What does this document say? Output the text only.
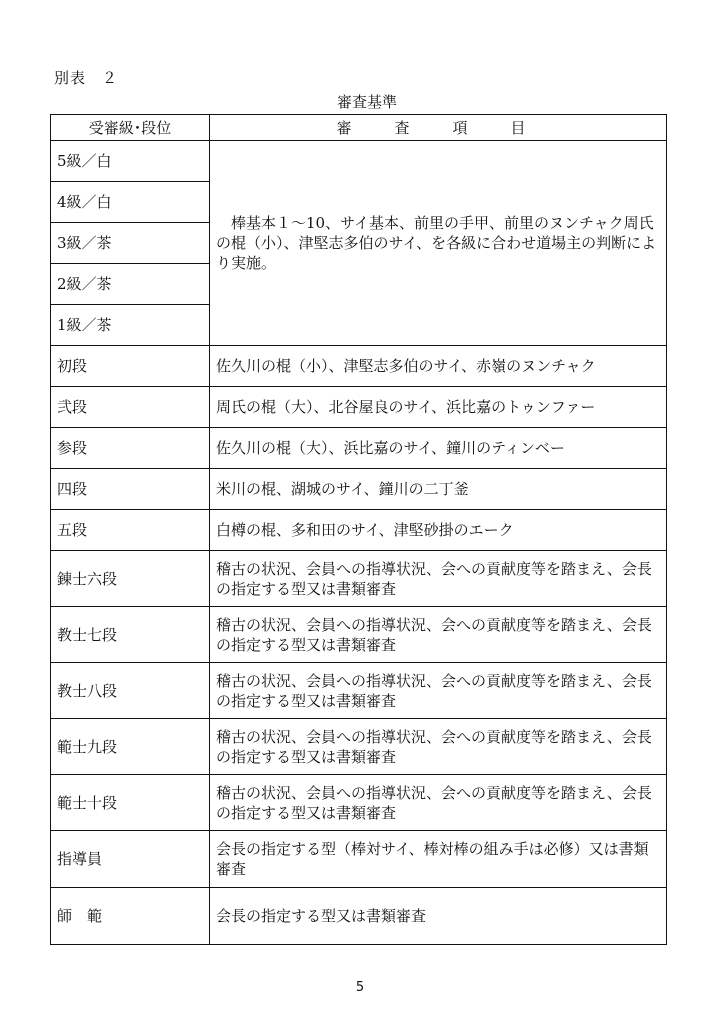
別表　２
審査基準
受審級･段位	審　査　項　目
5級／白	棒基本１～10、サイ基本、前里の手甲、前里のヌンチャク周氏の棍（小）、津堅志多伯のサイ、を各級に合わせ道場主の判断により実施。
4級／白	
3級／茶	
2級／茶	
1級／茶	
初段	佐久川の棍（小）、津堅志多伯のサイ、赤嶺のヌンチャク
弐段	周氏の棍（大）、北谷屋良のサイ、浜比嘉のトゥンファー
参段	佐久川の棍（大）、浜比嘉のサイ、鐘川のティンベー
四段	米川の棍、湖城のサイ、鐘川の二丁釜
五段	白樽の棍、多和田のサイ、津堅砂掛のエーク
錬士六段	稽古の状況、会員への指導状況、会への貢献度等を踏まえ、会長の指定する型又は書類審査
教士七段	稽古の状況、会員への指導状況、会への貢献度等を踏まえ、会長の指定する型又は書類審査
教士八段	稽古の状況、会員への指導状況、会への貢献度等を踏まえ、会長の指定する型又は書類審査
範士九段	稽古の状況、会員への指導状況、会への貢献度等を踏まえ、会長の指定する型又は書類審査
範士十段	稽古の状況、会員への指導状況、会への貢献度等を踏まえ、会長の指定する型又は書類審査
指導員	会長の指定する型（棒対サイ、棒対棒の組み手は必修）又は書類審査
師　範	会長の指定する型又は書類審査
5
